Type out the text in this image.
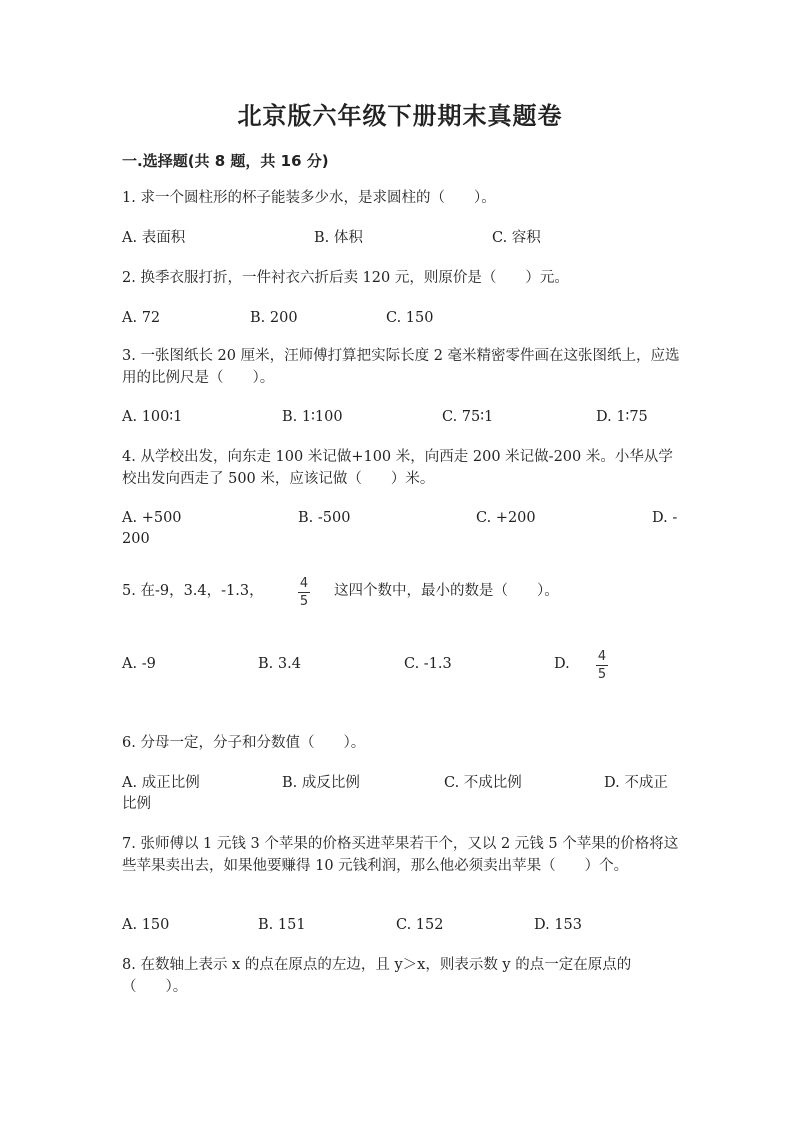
北京版六年级下册期末真题卷
一.选择题(共 8 题，共 16 分)
1. 求一个圆柱形的杯子能装多少水，是求圆柱的（　　）。
A. 表面积	B. 体积	C. 容积
2. 换季衣服打折，一件衬衣六折后卖 120 元，则原价是（　　）元。
A. 72	B. 200	C. 150
3. 一张图纸长 20 厘米，汪师傅打算把实际长度 2 毫米精密零件画在这张图纸上，应选用的比例尺是（　　）。
A. 100∶1	B. 1∶100	C. 75∶1	D. 1∶75
4. 从学校出发，向东走 100 米记做+100 米，向西走 200 米记做-200 米。小华从学校出发向西走了 500 米，应该记做（　　）米。
A. +500	B. -500	C. +200	D. -
200
5. 在-9，3.4，-1.3，	4
5
这四个数中，最小的数是（　　）。
A. -9	B. 3.4	C. -1.3	D. 4
5
6. 分母一定，分子和分数值（　　）。
A. 成正比例	B. 成反比例	C. 不成比例	D. 不成正
比例
7. 张师傅以 1 元钱 3 个苹果的价格买进苹果若干个，又以 2 元钱 5 个苹果的价格将这些苹果卖出去，如果他要赚得 10 元钱利润，那么他必须卖出苹果（　　）个。
A. 150	B. 151	C. 152	D. 153
8. 在数轴上表示 x 的点在原点的左边，且 y＞x，则表示数 y 的点一定在原点的（　　）。
